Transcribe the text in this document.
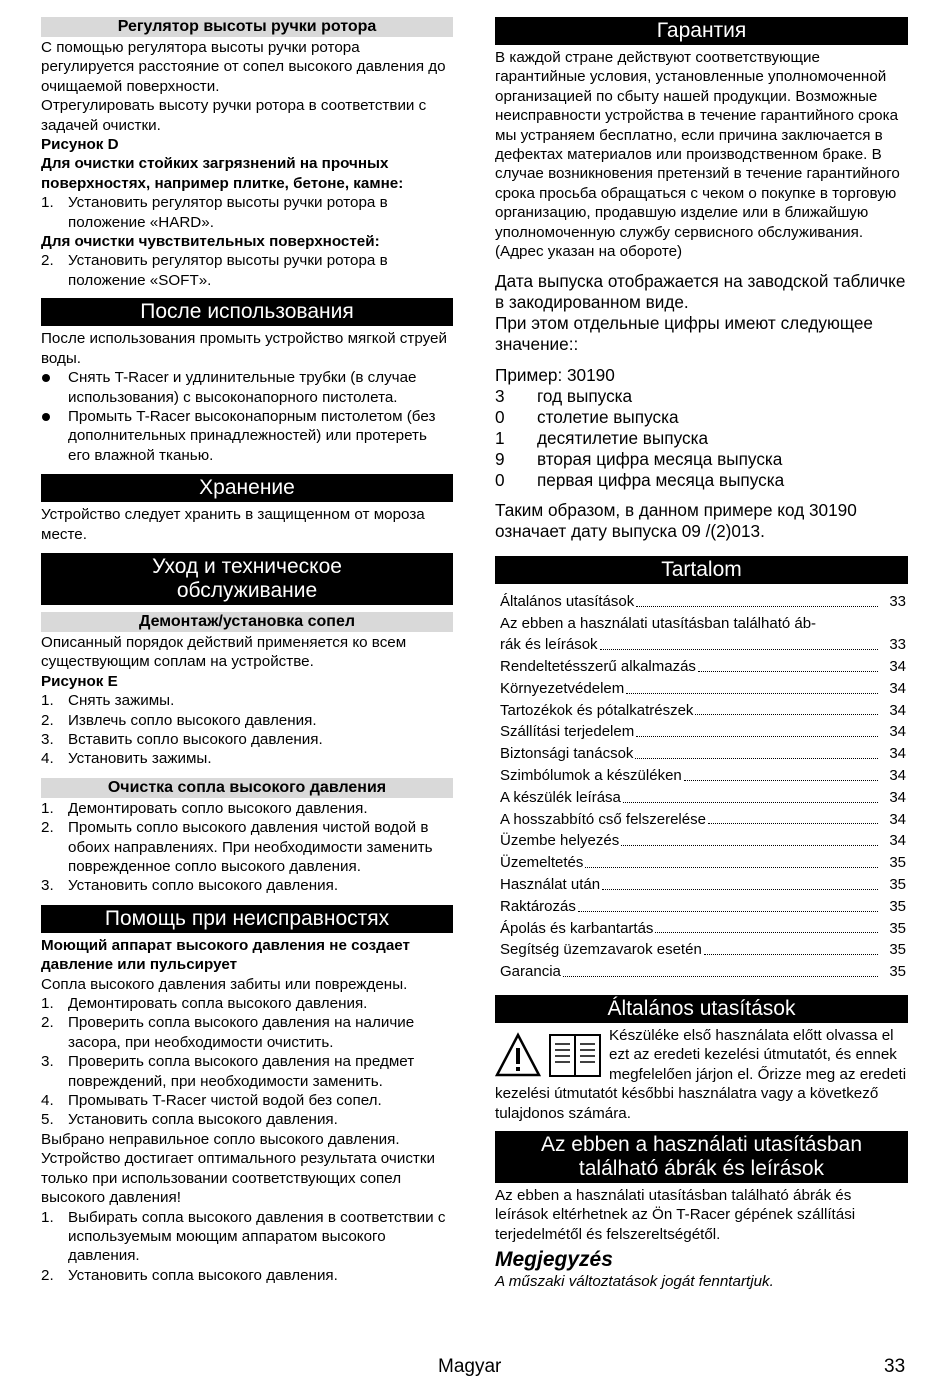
Регулятор высоты ручки ротора

С помощью регулятора высоты ручки ротора регулируется расстояние от сопел высокого давления до очищаемой поверхности.

Отрегулировать высоту ручки ротора в соответствии с задачей очистки.

Рисунок D

Для очистки стойких загрязнений на прочных поверхностях, например плитке, бетоне, камне:

1. Установить регулятор высоты ручки ротора в положение «HARD».

Для очистки чувствительных поверхностей:

2. Установить регулятор высоты ручки ротора в положение «SOFT».
После использования

После использования промыть устройство мягкой струей воды.

Снять T-Racer и удлинительные трубки (в случае использования) с высоконапорного пистолета.
Промыть T-Racer высоконапорным пистолетом (без дополнительных принадлежностей) или протереть его влажной тканью.
Хранение

Устройство следует хранить в защищенном от мороза месте.

Уход и техническое
обслуживание
Демонтаж/установка сопел

Описанный порядок действий применяется ко всем существующим соплам на устройстве.

Рисунок E

1. Снять зажимы.
2. Извлечь сопло высокого давления.
3. Вставить сопло высокого давления.
4. Установить зажимы.
Очистка сопла высокого давления
1. Демонтировать сопло высокого давления.
2. Промыть сопло высокого давления чистой водой в обоих направлениях. При необходимости заменить поврежденное сопло высокого давления.
3. Установить сопло высокого давления.
Помощь при неисправностях

Моющий аппарат высокого давления не создает давление или пульсирует

Сопла высокого давления забиты или повреждены.

1. Демонтировать сопла высокого давления.
2. Проверить сопла высокого давления на наличие засора, при необходимости очистить.
3. Проверить сопла высокого давления на предмет повреждений, при необходимости заменить.
4. Промывать T-Racer чистой водой без сопел.
5. Установить сопла высокого давления.

Выбрано неправильное сопло высокого давления. Устройство достигает оптимального результата очистки только при использовании соответствующих сопел высокого давления!

1. Выбирать сопла высокого давления в соответствии с используемым моющим аппаратом высокого давления.
2. Установить сопла высокого давления.
Гарантия

В каждой стране действуют соответствующие гарантийные условия, установленные уполномоченной организацией по сбыту нашей продукции. Возможные неисправности устройства в течение гарантийного срока мы устраняем бесплатно, если причина заключается в дефектах материалов или производственном браке. В случае возникновения претензий в течение гарантийного срока просьба обращаться с чеком о покупке в торговую организацию, продавшую изделие или в ближайшую уполномоченную службу сервисного обслуживания.

(Адрес указан на обороте)

Дата выпуска отображается на заводской табличке в закодированном виде.

При этом отдельные цифры имеют следующее значение::

Пример: 30190

3	год выпуска
0	столетие выпуска
1	десятилетие выпуска
9	вторая цифра месяца выпуска
0	первая цифра месяца выпуска

Таким образом, в данном примере код 30190 означает дату выпуска 09 /(2)013.

Tartalom
Általános utasítások	33
Az ebben a használati utasításban található áb-
rák és leírások	33
Rendeltetésszerű alkalmazás	34
Környezetvédelem	34
Tartozékok és pótalkatrészek	34
Szállítási terjedelem	34
Biztonsági tanácsok	34
Szimbólumok a készüléken	34
A készülék leírása	34
A hosszabbító cső felszerelése	34
Üzembe helyezés	34
Üzemeltetés	35
Használat után	35
Raktározás	35
Ápolás és karbantartás	35
Segítség üzemzavarok esetén	35
Garancia	35
Általános utasítások

Készüléke első használata előtt olvassa el ezt az eredeti kezelési útmutatót, és ennek megfelelően járjon el. Őrizze meg az eredeti kezelési útmutatót későbbi használatra vagy a következő tulajdonos számára.

Az ebben a használati utasításban
található ábrák és leírások

Az ebben a használati utasításban található ábrák és leírások eltérhetnek az Ön T-Racer gépének szállítási terjedelmétől és felszereltségétől.

Megjegyzés

A műszaki változtatások jogát fenntartjuk.

Magyar	33
